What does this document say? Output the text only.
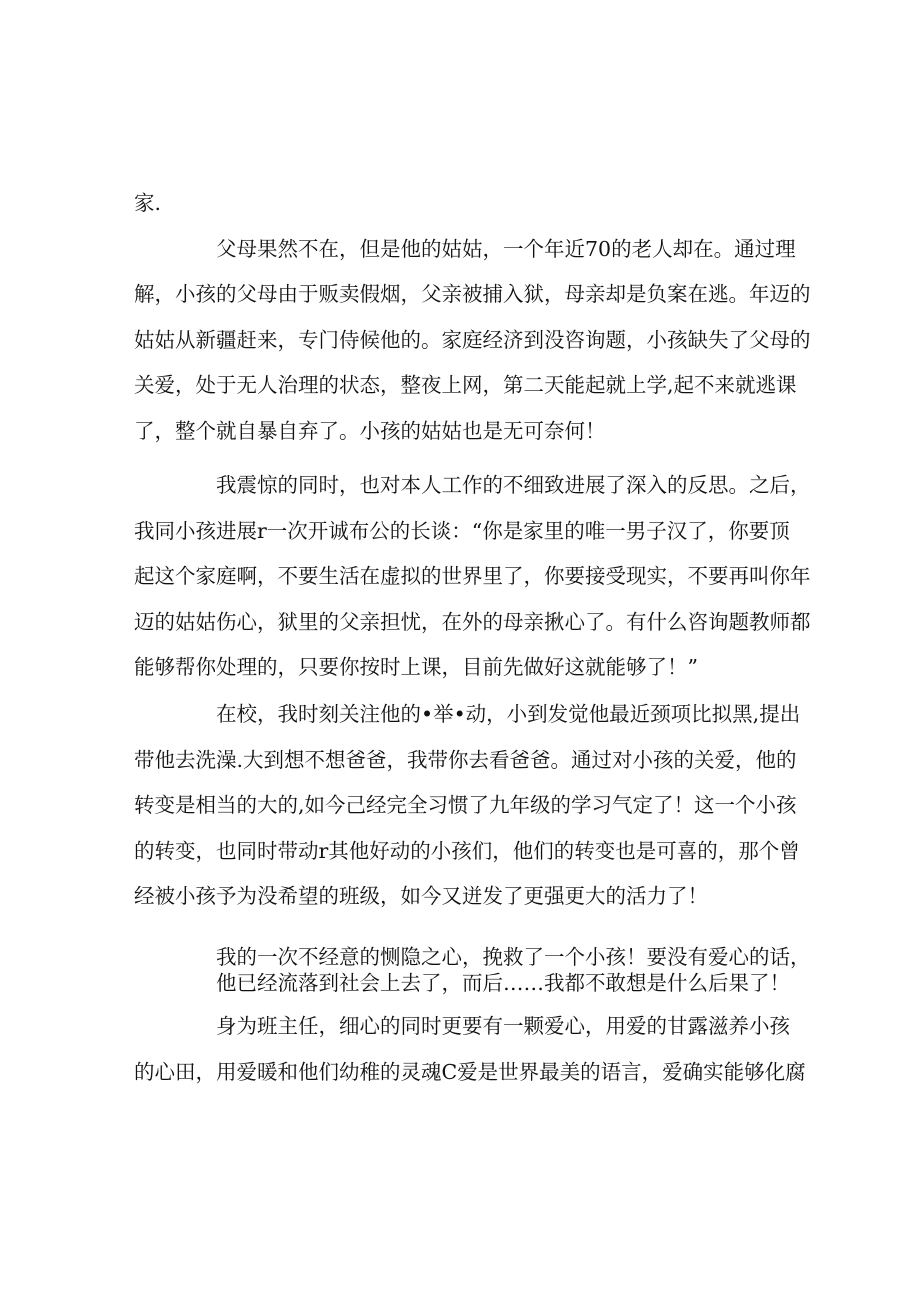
家.
父母果然不在，但是他的姑姑，一个年近70的老人却在。通过理
解，小孩的父母由于贩卖假烟，父亲被捕入狱，母亲却是负案在逃。年迈的
姑姑从新疆赶来，专门侍候他的。家庭经济到没咨询题，小孩缺失了父母的
关爱，处于无人治理的状态，整夜上网，第二天能起就上学,起不来就逃课
了，整个就自暴自弃了。小孩的姑姑也是无可奈何！
我震惊的同时，也对本人工作的不细致进展了深入的反思。之后，
我同小孩进展r一次开诚布公的长谈：“你是家里的唯一男子汉了，你要顶
起这个家庭啊，不要生活在虚拟的世界里了，你要接受现实，不要再叫你年
迈的姑姑伤心，狱里的父亲担忧，在外的母亲揪心了。有什么咨询题教师都
能够帮你处理的，只要你按时上课，目前先做好这就能够了！”
在校，我时刻关注他的•举•动，小到发觉他最近颈项比拟黑,提出
带他去洗澡.大到想不想爸爸，我带你去看爸爸。通过对小孩的关爱，他的
转变是相当的大的,如今己经完全习惯了九年级的学习气定了！这一个小孩
的转变，也同时带动r其他好动的小孩们，他们的转变也是可喜的，那个曾
经被小孩予为没希望的班级，如今又迸发了更强更大的活力了！
我的一次不经意的恻隐之心，挽救了一个小孩！要没有爱心的话，
他已经流落到社会上去了，而后……我都不敢想是什么后果了！
身为班主任，细心的同时更要有一颗爱心，用爱的甘露滋养小孩
的心田，用爱暖和他们幼稚的灵魂C爱是世界最美的语言，爱确实能够化腐
